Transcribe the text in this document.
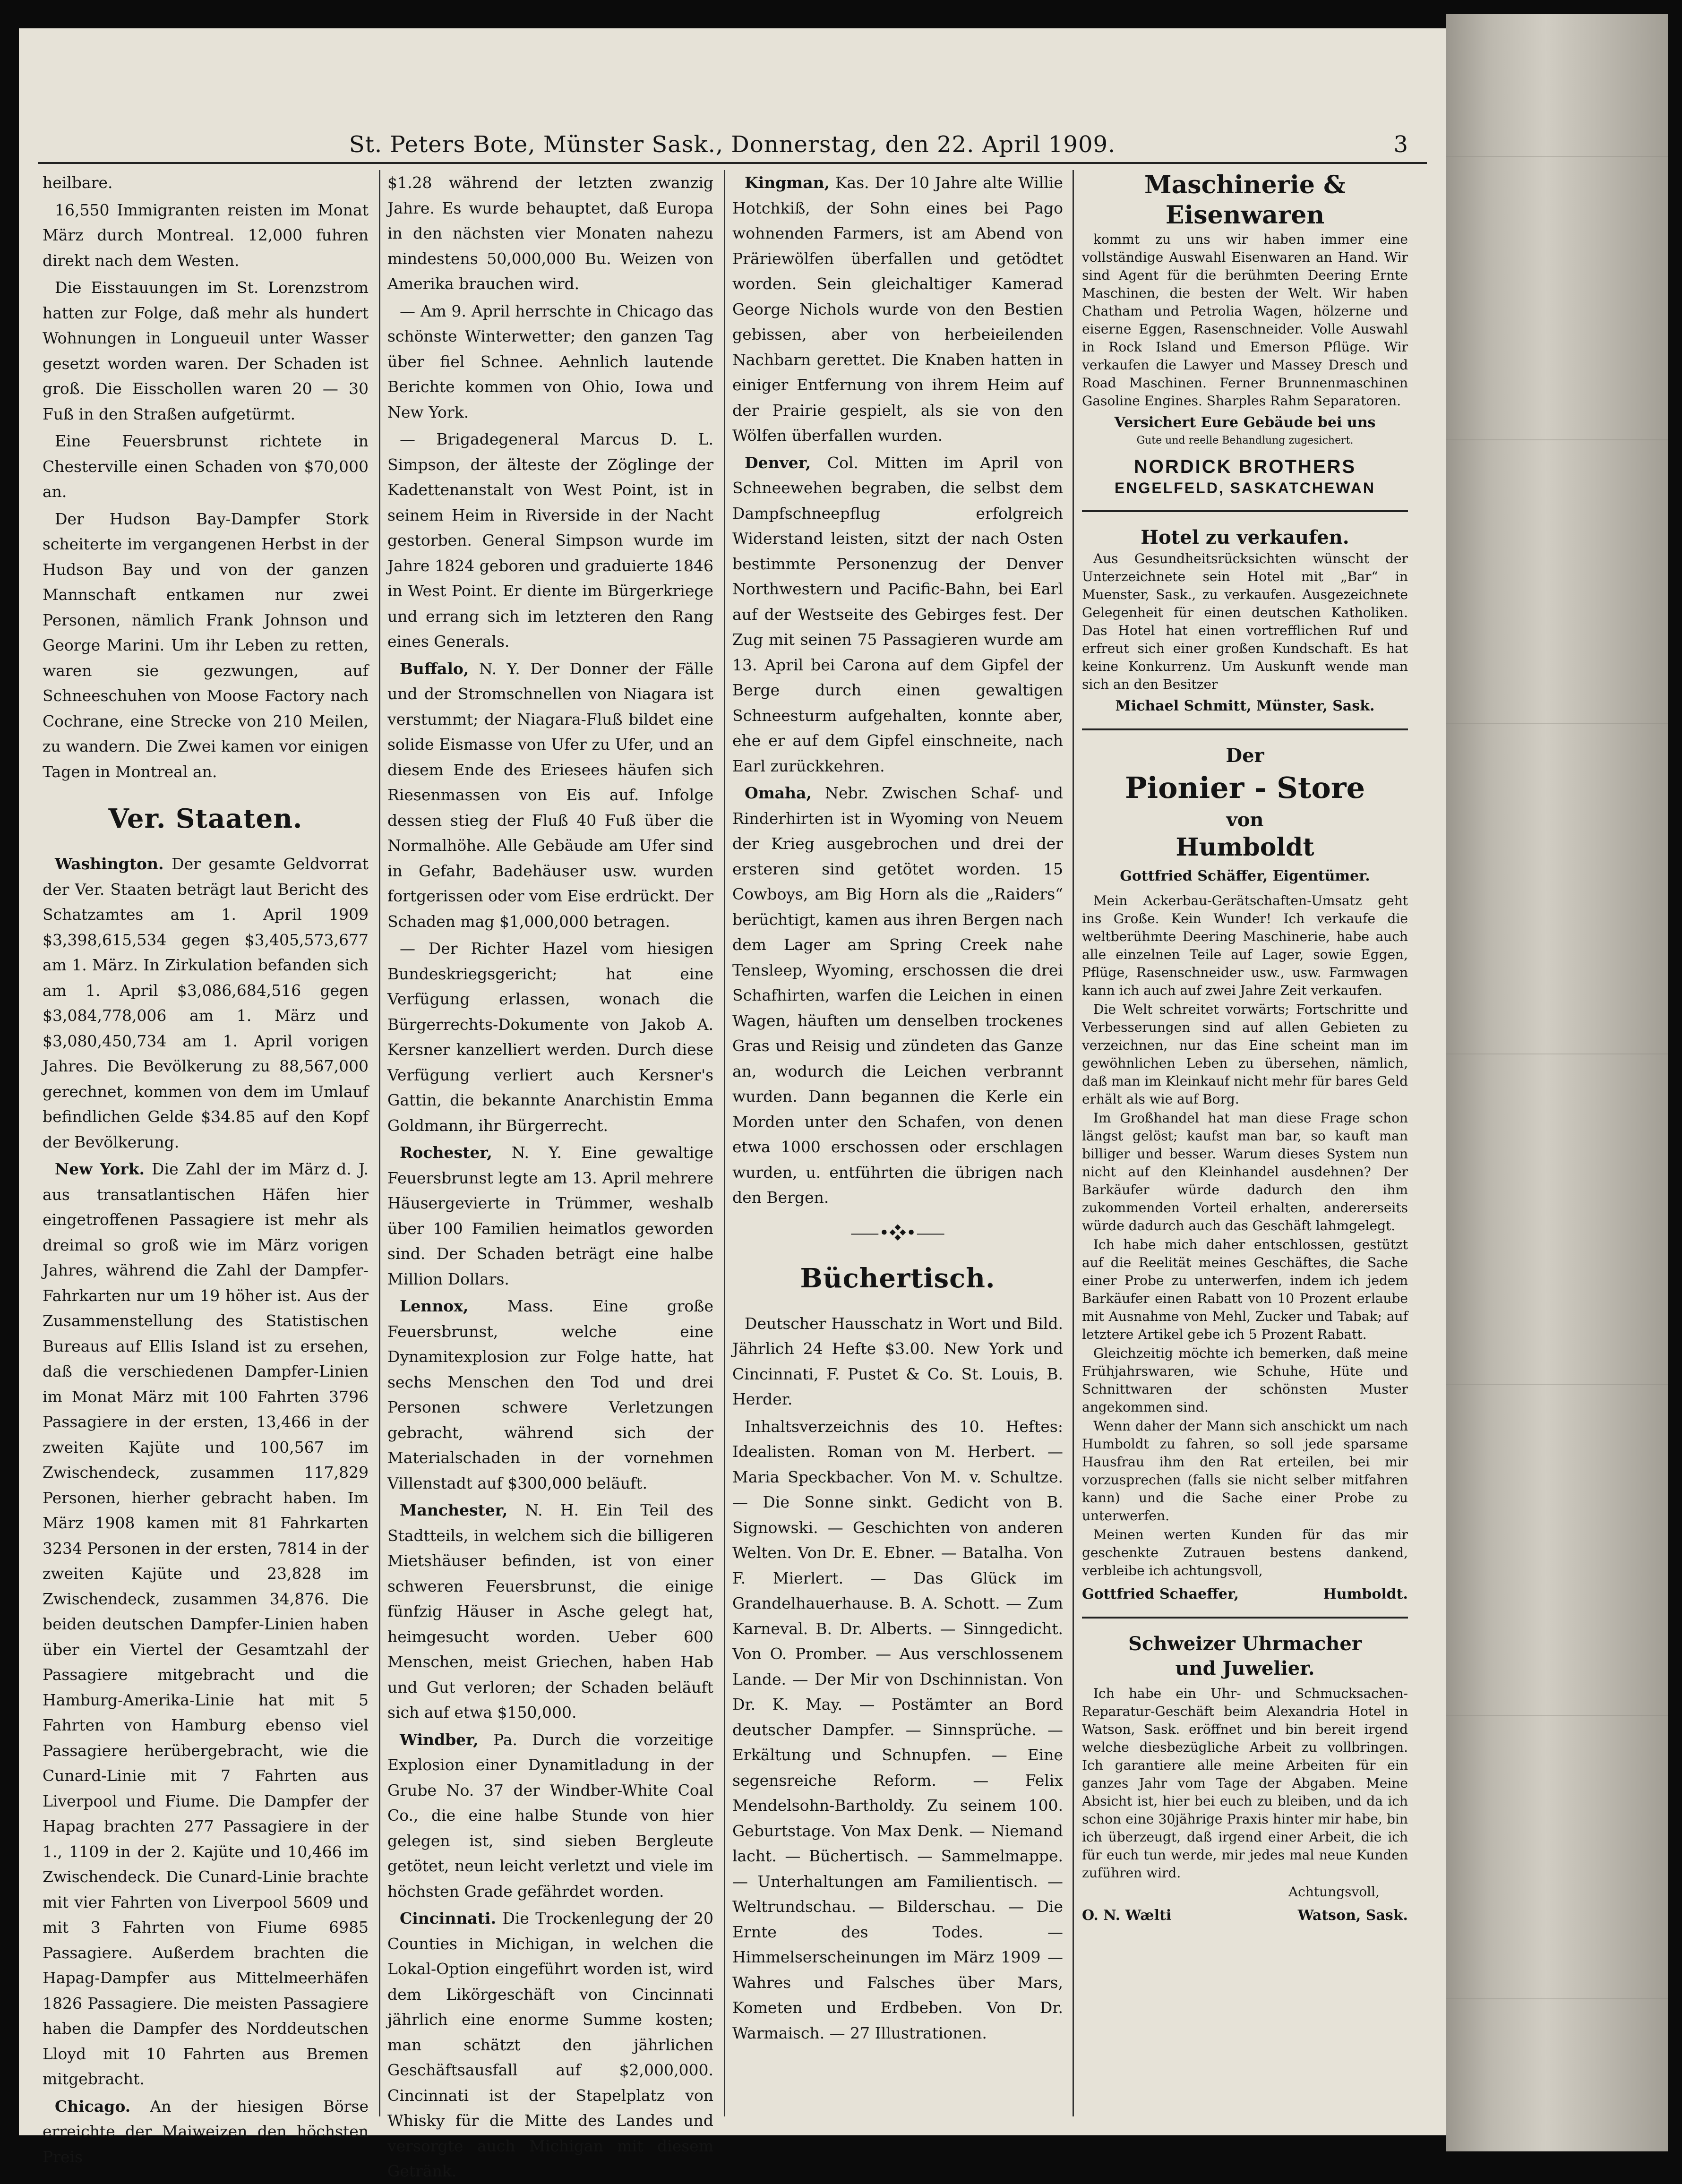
St. Peters Bote, Münster Sask., Donnerstag, den 22. April 1909.	3

heilbare.

16,550 Immigranten reisten im Monat März durch Montreal. 12,000 fuhren direkt nach dem Westen.

Die Eisstauungen im St. Lorenzstrom hatten zur Folge, daß mehr als hundert Wohnungen in Longueuil unter Wasser gesetzt worden waren. Der Schaden ist groß. Die Eisschollen waren 20 — 30 Fuß in den Straßen aufgetürmt.

Eine Feuersbrunst richtete in Chesterville einen Schaden von $70,000 an.

Der Hudson Bay-Dampfer Stork scheiterte im vergangenen Herbst in der Hudson Bay und von der ganzen Mannschaft entkamen nur zwei Personen, nämlich Frank Johnson und George Marini. Um ihr Leben zu retten, waren sie gezwungen, auf Schneeschuhen von Moose Factory nach Cochrane, eine Strecke von 210 Meilen, zu wandern. Die Zwei kamen vor einigen Tagen in Montreal an.

Ver. Staaten.

Washington. Der gesamte Geldvorrat der Ver. Staaten beträgt laut Bericht des Schatzamtes am 1. April 1909 $3,398,615,534 gegen $3,405,573,677 am 1. März. In Zirkulation befanden sich am 1. April $3,086,684,516 gegen $3,084,778,006 am 1. März und $3,080,450,734 am 1. April vorigen Jahres. Die Bevölkerung zu 88,567,000 gerechnet, kommen von dem im Umlauf befindlichen Gelde $34.85 auf den Kopf der Bevölkerung.

New York. Die Zahl der im März d. J. aus transatlantischen Häfen hier eingetroffenen Passagiere ist mehr als dreimal so groß wie im März vorigen Jahres, während die Zahl der Dampfer-Fahrkarten nur um 19 höher ist. Aus der Zusammenstellung des Statistischen Bureaus auf Ellis Island ist zu ersehen, daß die verschiedenen Dampfer-Linien im Monat März mit 100 Fahrten 3796 Passagiere in der ersten, 13,466 in der zweiten Kajüte und 100,567 im Zwischendeck, zusammen 117,829 Personen, hierher gebracht haben. Im März 1908 kamen mit 81 Fahrkarten 3234 Personen in der ersten, 7814 in der zweiten Kajüte und 23,828 im Zwischendeck, zusammen 34,876. Die beiden deutschen Dampfer-Linien haben über ein Viertel der Gesamtzahl der Passagiere mitgebracht und die Hamburg-Amerika-Linie hat mit 5 Fahrten von Hamburg ebenso viel Passagiere herübergebracht, wie die Cunard-Linie mit 7 Fahrten aus Liverpool und Fiume. Die Dampfer der Hapag brachten 277 Passagiere in der 1., 1109 in der 2. Kajüte und 10,466 im Zwischendeck. Die Cunard-Linie brachte mit vier Fahrten von Liverpool 5609 und mit 3 Fahrten von Fiume 6985 Passagiere. Außerdem brachten die Hapag-Dampfer aus Mittelmeerhäfen 1826 Passagiere. Die meisten Passagiere haben die Dampfer des Norddeutschen Lloyd mit 10 Fahrten aus Bremen mitgebracht.

Chicago. An der hiesigen Börse erreichte der Maiweizen den höchsten Preis

$1.28 während der letzten zwanzig Jahre. Es wurde behauptet, daß Europa in den nächsten vier Monaten nahezu mindestens 50,000,000 Bu. Weizen von Amerika brauchen wird.

— Am 9. April herrschte in Chicago das schönste Winterwetter; den ganzen Tag über fiel Schnee. Aehnlich lautende Berichte kommen von Ohio, Iowa und New York.

— Brigadegeneral Marcus D. L. Simpson, der älteste der Zöglinge der Kadettenanstalt von West Point, ist in seinem Heim in Riverside in der Nacht gestorben. General Simpson wurde im Jahre 1824 geboren und graduierte 1846 in West Point. Er diente im Bürgerkriege und errang sich im letzteren den Rang eines Generals.

Buffalo, N. Y. Der Donner der Fälle und der Stromschnellen von Niagara ist verstummt; der Niagara-Fluß bildet eine solide Eismasse von Ufer zu Ufer, und an diesem Ende des Eriesees häufen sich Riesenmassen von Eis auf. Infolge dessen stieg der Fluß 40 Fuß über die Normalhöhe. Alle Gebäude am Ufer sind in Gefahr, Badehäuser usw. wurden fortgerissen oder vom Eise erdrückt. Der Schaden mag $1,000,000 betragen.

— Der Richter Hazel vom hiesigen Bundeskriegsgericht; hat eine Verfügung erlassen, wonach die Bürgerrechts-Dokumente von Jakob A. Kersner kanzelliert werden. Durch diese Verfügung verliert auch Kersner's Gattin, die bekannte Anarchistin Emma Goldmann, ihr Bürgerrecht.

Rochester, N. Y. Eine gewaltige Feuersbrunst legte am 13. April mehrere Häusergevierte in Trümmer, weshalb über 100 Familien heimatlos geworden sind. Der Schaden beträgt eine halbe Million Dollars.

Lennox, Mass. Eine große Feuersbrunst, welche eine Dynamitexplosion zur Folge hatte, hat sechs Menschen den Tod und drei Personen schwere Verletzungen gebracht, während sich der Materialschaden in der vornehmen Villenstadt auf $300,000 beläuft.

Manchester, N. H. Ein Teil des Stadtteils, in welchem sich die billigeren Mietshäuser befinden, ist von einer schweren Feuersbrunst, die einige fünfzig Häuser in Asche gelegt hat, heimgesucht worden. Ueber 600 Menschen, meist Griechen, haben Hab und Gut verloren; der Schaden beläuft sich auf etwa $150,000.

Windber, Pa. Durch die vorzeitige Explosion einer Dynamitladung in der Grube No. 37 der Windber-White Coal Co., die eine halbe Stunde von hier gelegen ist, sind sieben Bergleute getötet, neun leicht verletzt und viele im höchsten Grade gefährdet worden.

Cincinnati. Die Trockenlegung der 20 Counties in Michigan, in welchen die Lokal-Option eingeführt worden ist, wird dem Likörgeschäft von Cincinnati jährlich eine enorme Summe kosten; man schätzt den jährlichen Geschäftsausfall auf $2,000,000. Cincinnati ist der Stapelplatz von Whisky für die Mitte des Landes und versorgte auch Michigan mit diesem Getränk.

Kingman, Kas. Der 10 Jahre alte Willie Hotchkiß, der Sohn eines bei Pago wohnenden Farmers, ist am Abend von Präriewölfen überfallen und getödtet worden. Sein gleichaltiger Kamerad George Nichols wurde von den Bestien gebissen, aber von herbeieilenden Nachbarn gerettet. Die Knaben hatten in einiger Entfernung von ihrem Heim auf der Prairie gespielt, als sie von den Wölfen überfallen wurden.

Denver, Col. Mitten im April von Schneewehen begraben, die selbst dem Dampfschneepflug erfolgreich Widerstand leisten, sitzt der nach Osten bestimmte Personenzug der Denver Northwestern und Pacific-Bahn, bei Earl auf der Westseite des Gebirges fest. Der Zug mit seinen 75 Passagieren wurde am 13. April bei Carona auf dem Gipfel der Berge durch einen gewaltigen Schneesturm aufgehalten, konnte aber, ehe er auf dem Gipfel einschneite, nach Earl zurückkehren.

Omaha, Nebr. Zwischen Schaf- und Rinderhirten ist in Wyoming von Neuem der Krieg ausgebrochen und drei der ersteren sind getötet worden. 15 Cowboys, am Big Horn als die „Raiders“ berüchtigt, kamen aus ihren Bergen nach dem Lager am Spring Creek nahe Tensleep, Wyoming, erschossen die drei Schafhirten, warfen die Leichen in einen Wagen, häuften um denselben trockenes Gras und Reisig und zündeten das Ganze an, wodurch die Leichen verbrannt wurden. Dann begannen die Kerle ein Morden unter den Schafen, von denen etwa 1000 erschossen oder erschlagen wurden, u. entführten die übrigen nach den Bergen.

⸺•❖•⸺
Büchertisch.

Deutscher Hausschatz in Wort und Bild. Jährlich 24 Hefte $3.00. New York und Cincinnati, F. Pustet & Co. St. Louis, B. Herder.

Inhaltsverzeichnis des 10. Heftes: Idealisten. Roman von M. Herbert. — Maria Speckbacher. Von M. v. Schultze. — Die Sonne sinkt. Gedicht von B. Signowski. — Geschichten von anderen Welten. Von Dr. E. Ebner. — Batalha. Von F. Mierlert. — Das Glück im Grandelhauerhause. B. A. Schott. — Zum Karneval. B. Dr. Alberts. — Sinngedicht. Von O. Promber. — Aus verschlossenem Lande. — Der Mir von Dschinnistan. Von Dr. K. May. — Postämter an Bord deutscher Dampfer. — Sinnsprüche. — Erkältung und Schnupfen. — Eine segensreiche Reform. — Felix Mendelsohn-Bartholdy. Zu seinem 100. Geburtstage. Von Max Denk. — Niemand lacht. — Büchertisch. — Sammelmappe. — Unterhaltungen am Familientisch. — Weltrundschau. — Bilderschau. — Die Ernte des Todes. — Himmelserscheinungen im März 1909 — Wahres und Falsches über Mars, Kometen und Erdbeben. Von Dr. Warmaisch. — 27 Illustrationen.

Maschinerie & Eisenwaren

kommt zu uns wir haben immer eine vollständige Auswahl Eisenwaren an Hand. Wir sind Agent für die berühmten Deering Ernte Maschinen, die besten der Welt. Wir haben Chatham und Petrolia Wagen, hölzerne und eiserne Eggen, Rasenschneider. Volle Auswahl in Rock Island und Emerson Pflüge. Wir verkaufen die Lawyer und Massey Dresch und Road Maschinen. Ferner Brunnenmaschinen Gasoline Engines. Sharples Rahm Separatoren.

Versichert Eure Gebäude bei uns
Gute und reelle Behandlung zugesichert.
NORDICK BROTHERS
ENGELFELD, SASKATCHEWAN
Hotel zu verkaufen.

Aus Gesundheitsrücksichten wünscht der Unterzeichnete sein Hotel mit „Bar“ in Muenster, Sask., zu verkaufen. Ausgezeichnete Gelegenheit für einen deutschen Katholiken. Das Hotel hat einen vortrefflichen Ruf und erfreut sich einer großen Kundschaft. Es hat keine Konkurrenz. Um Auskunft wende man sich an den Besitzer

Michael Schmitt, Münster, Sask.
Der
Pionier - Store
von
Humboldt
Gottfried Schäffer, Eigentümer.

Mein Ackerbau-Gerätschaften-Umsatz geht ins Große. Kein Wunder! Ich verkaufe die weltberühmte Deering Maschinerie, habe auch alle einzelnen Teile auf Lager, sowie Eggen, Pflüge, Rasenschneider usw., usw. Farmwagen kann ich auch auf zwei Jahre Zeit verkaufen.

Die Welt schreitet vorwärts; Fortschritte und Verbesserungen sind auf allen Gebieten zu verzeichnen, nur das Eine scheint man im gewöhnlichen Leben zu übersehen, nämlich, daß man im Kleinkauf nicht mehr für bares Geld erhält als wie auf Borg.

Im Großhandel hat man diese Frage schon längst gelöst; kaufst man bar, so kauft man billiger und besser. Warum dieses System nun nicht auf den Kleinhandel ausdehnen? Der Barkäufer würde dadurch den ihm zukommenden Vorteil erhalten, andererseits würde dadurch auch das Geschäft lahmgelegt.

Ich habe mich daher entschlossen, gestützt auf die Reelität meines Geschäftes, die Sache einer Probe zu unterwerfen, indem ich jedem Barkäufer einen Rabatt von 10 Prozent erlaube mit Ausnahme von Mehl, Zucker und Tabak; auf letztere Artikel gebe ich 5 Prozent Rabatt.

Gleichzeitig möchte ich bemerken, daß meine Frühjahrswaren, wie Schuhe, Hüte und Schnittwaren der schönsten Muster angekommen sind.

Wenn daher der Mann sich anschickt um nach Humboldt zu fahren, so soll jede sparsame Hausfrau ihm den Rat erteilen, bei mir vorzusprechen (falls sie nicht selber mitfahren kann) und die Sache einer Probe zu unterwerfen.

Meinen werten Kunden für das mir geschenkte Zutrauen bestens dankend, verbleibe ich achtungsvoll,

Gottfried Schaeffer,	Humboldt.
Schweizer Uhrmacher
und Juwelier.

Ich habe ein Uhr- und Schmucksachen-Reparatur-Geschäft beim Alexandria Hotel in Watson, Sask. eröffnet und bin bereit irgend welche diesbezügliche Arbeit zu vollbringen. Ich garantiere alle meine Arbeiten für ein ganzes Jahr vom Tage der Abgaben. Meine Absicht ist, hier bei euch zu bleiben, und da ich schon eine 30jährige Praxis hinter mir habe, bin ich überzeugt, daß irgend einer Arbeit, die ich für euch tun werde, mir jedes mal neue Kunden zuführen wird.

Achtungsvoll,
O. N. Wælti	Watson, Sask.
